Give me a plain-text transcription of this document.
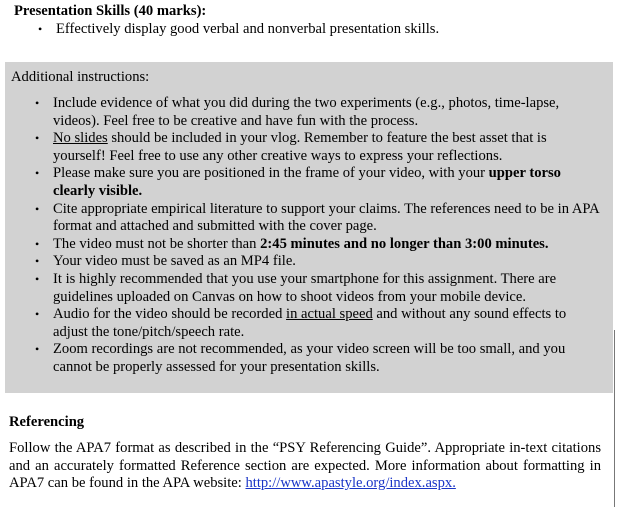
Presentation Skills (40 marks):
• Effectively display good verbal and nonverbal presentation skills.
Additional instructions:
• Include evidence of what you did during the two experiments (e.g., photos, time-lapse, videos). Feel free to be creative and have fun with the process.
• No slides should be included in your vlog. Remember to feature the best asset that is yourself! Feel free to use any other creative ways to express your reflections.
• Please make sure you are positioned in the frame of your video, with your upper torso clearly visible.
• Cite appropriate empirical literature to support your claims. The references need to be in APA format and attached and submitted with the cover page.
• The video must not be shorter than 2:45 minutes and no longer than 3:00 minutes.
• Your video must be saved as an MP4 file.
• It is highly recommended that you use your smartphone for this assignment. There are guidelines uploaded on Canvas on how to shoot videos from your mobile device.
• Audio for the video should be recorded in actual speed and without any sound effects to adjust the tone/pitch/speech rate.
• Zoom recordings are not recommended, as your video screen will be too small, and you cannot be properly assessed for your presentation skills.
Referencing
Follow the APA7 format as described in the “PSY Referencing Guide”. Appropriate in-text citations and an accurately formatted Reference section are expected. More information about formatting in APA7 can be found in the APA website: http://www.apastyle.org/index.aspx.
